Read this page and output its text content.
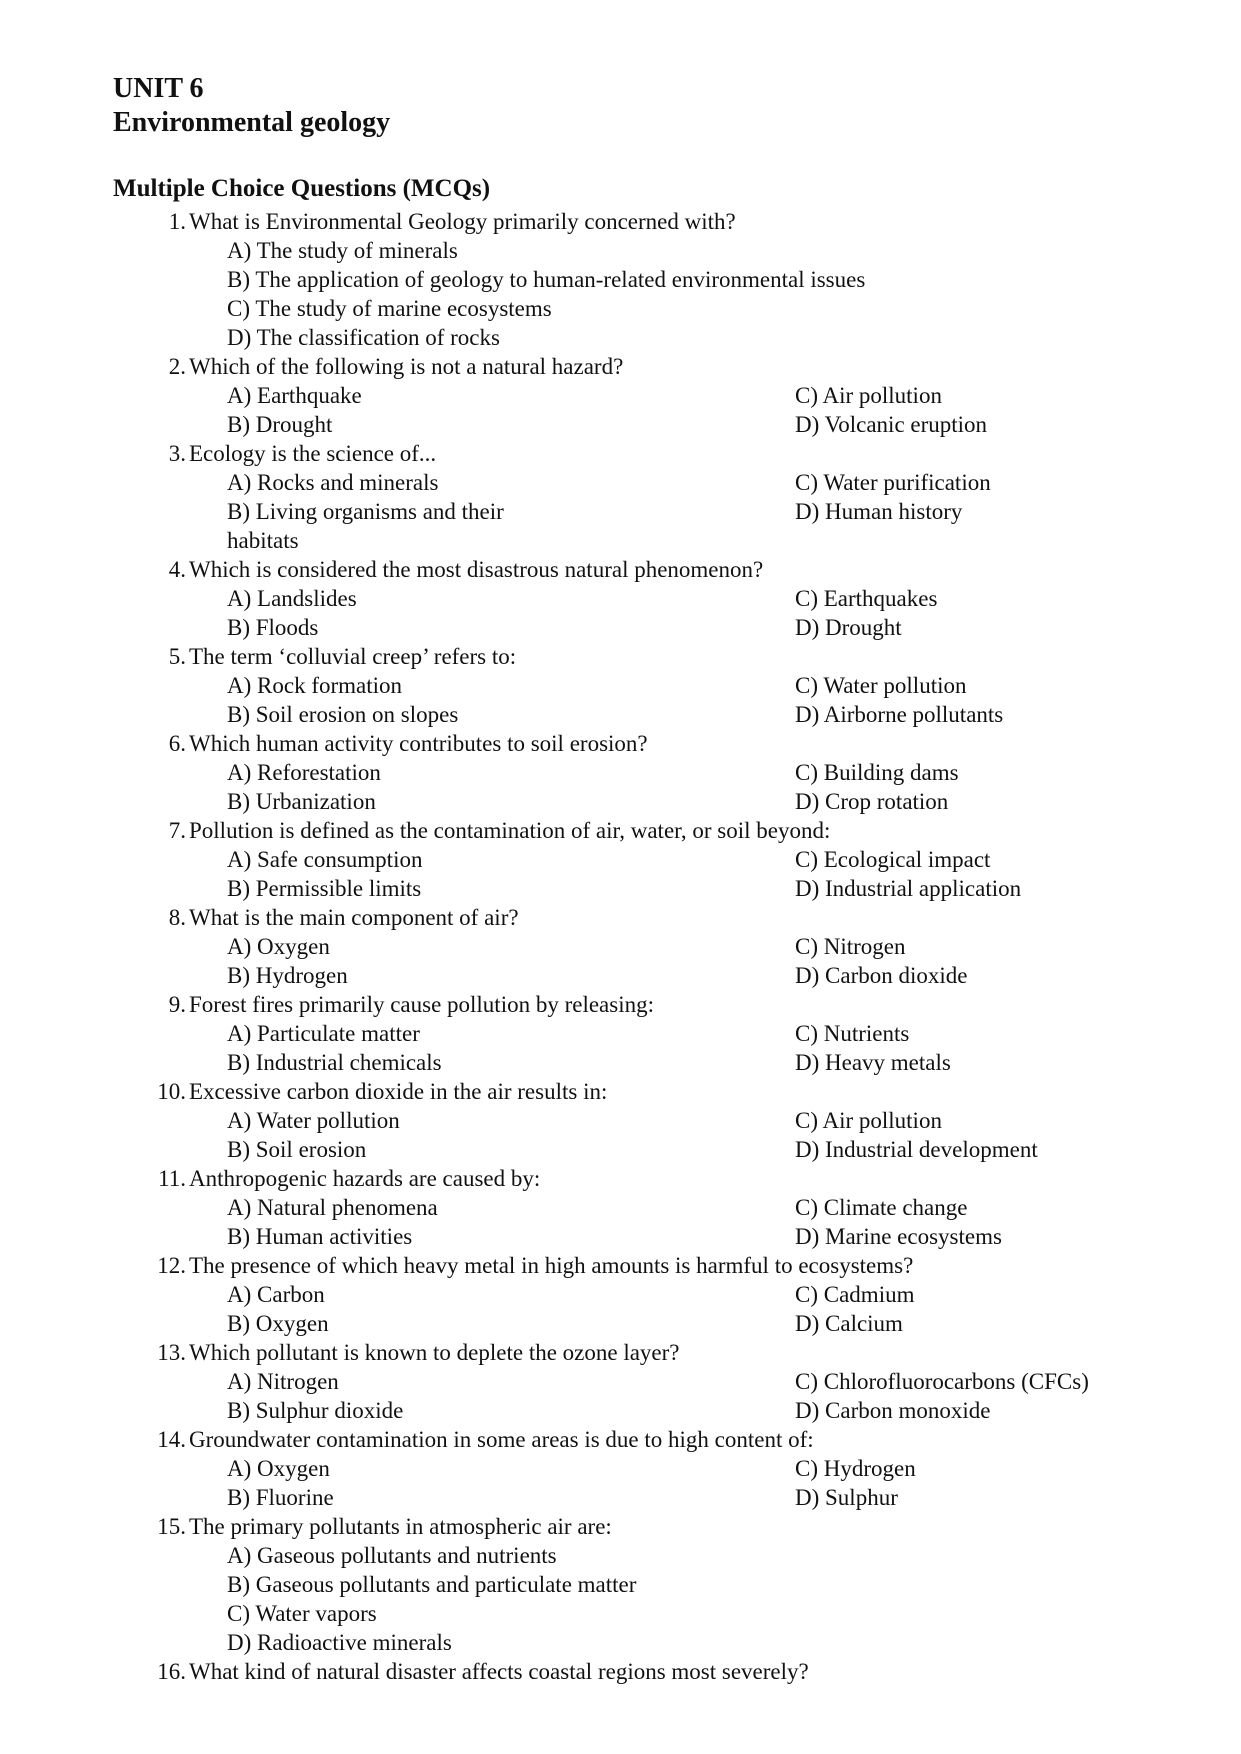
UNIT 6
Environmental geology
Multiple Choice Questions (MCQs)
1. What is Environmental Geology primarily concerned with?
A) The study of minerals
B) The application of geology to human-related environmental issues
C) The study of marine ecosystems
D) The classification of rocks
2. Which of the following is not a natural hazard?
A) Earthquake	C) Air pollution
B) Drought	D) Volcanic eruption
3. Ecology is the science of...
A) Rocks and minerals	C) Water purification
B) Living organisms and their	D) Human history
habitats
4. Which is considered the most disastrous natural phenomenon?
A) Landslides	C) Earthquakes
B) Floods	D) Drought
5. The term ‘colluvial creep’ refers to:
A) Rock formation	C) Water pollution
B) Soil erosion on slopes	D) Airborne pollutants
6. Which human activity contributes to soil erosion?
A) Reforestation	C) Building dams
B) Urbanization	D) Crop rotation
7. Pollution is defined as the contamination of air, water, or soil beyond:
A) Safe consumption	C) Ecological impact
B) Permissible limits	D) Industrial application
8. What is the main component of air?
A) Oxygen	C) Nitrogen
B) Hydrogen	D) Carbon dioxide
9. Forest fires primarily cause pollution by releasing:
A) Particulate matter	C) Nutrients
B) Industrial chemicals	D) Heavy metals
10. Excessive carbon dioxide in the air results in:
A) Water pollution	C) Air pollution
B) Soil erosion	D) Industrial development
11. Anthropogenic hazards are caused by:
A) Natural phenomena	C) Climate change
B) Human activities	D) Marine ecosystems
12. The presence of which heavy metal in high amounts is harmful to ecosystems?
A) Carbon	C) Cadmium
B) Oxygen	D) Calcium
13. Which pollutant is known to deplete the ozone layer?
A) Nitrogen	C) Chlorofluorocarbons (CFCs)
B) Sulphur dioxide	D) Carbon monoxide
14. Groundwater contamination in some areas is due to high content of:
A) Oxygen	C) Hydrogen
B) Fluorine	D) Sulphur
15. The primary pollutants in atmospheric air are:
A) Gaseous pollutants and nutrients
B) Gaseous pollutants and particulate matter
C) Water vapors
D) Radioactive minerals
16. What kind of natural disaster affects coastal regions most severely?
